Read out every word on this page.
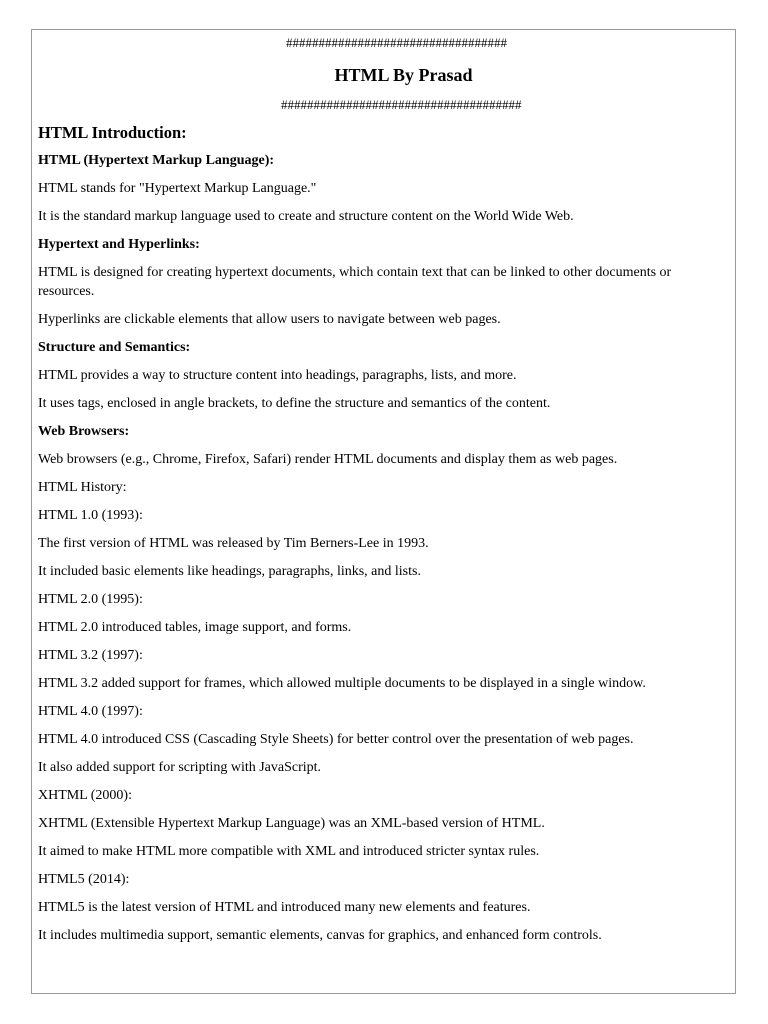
##################################
HTML By Prasad
#####################################
HTML Introduction:
HTML (Hypertext Markup Language):
HTML stands for "Hypertext Markup Language."
It is the standard markup language used to create and structure content on the World Wide Web.
Hypertext and Hyperlinks:
HTML is designed for creating hypertext documents, which contain text that can be linked to other documents or resources.
Hyperlinks are clickable elements that allow users to navigate between web pages.
Structure and Semantics:
HTML provides a way to structure content into headings, paragraphs, lists, and more.
It uses tags, enclosed in angle brackets, to define the structure and semantics of the content.
Web Browsers:
Web browsers (e.g., Chrome, Firefox, Safari) render HTML documents and display them as web pages.
HTML History:
HTML 1.0 (1993):
The first version of HTML was released by Tim Berners-Lee in 1993.
It included basic elements like headings, paragraphs, links, and lists.
HTML 2.0 (1995):
HTML 2.0 introduced tables, image support, and forms.
HTML 3.2 (1997):
HTML 3.2 added support for frames, which allowed multiple documents to be displayed in a single window.
HTML 4.0 (1997):
HTML 4.0 introduced CSS (Cascading Style Sheets) for better control over the presentation of web pages.
It also added support for scripting with JavaScript.
XHTML (2000):
XHTML (Extensible Hypertext Markup Language) was an XML-based version of HTML.
It aimed to make HTML more compatible with XML and introduced stricter syntax rules.
HTML5 (2014):
HTML5 is the latest version of HTML and introduced many new elements and features.
It includes multimedia support, semantic elements, canvas for graphics, and enhanced form controls.
